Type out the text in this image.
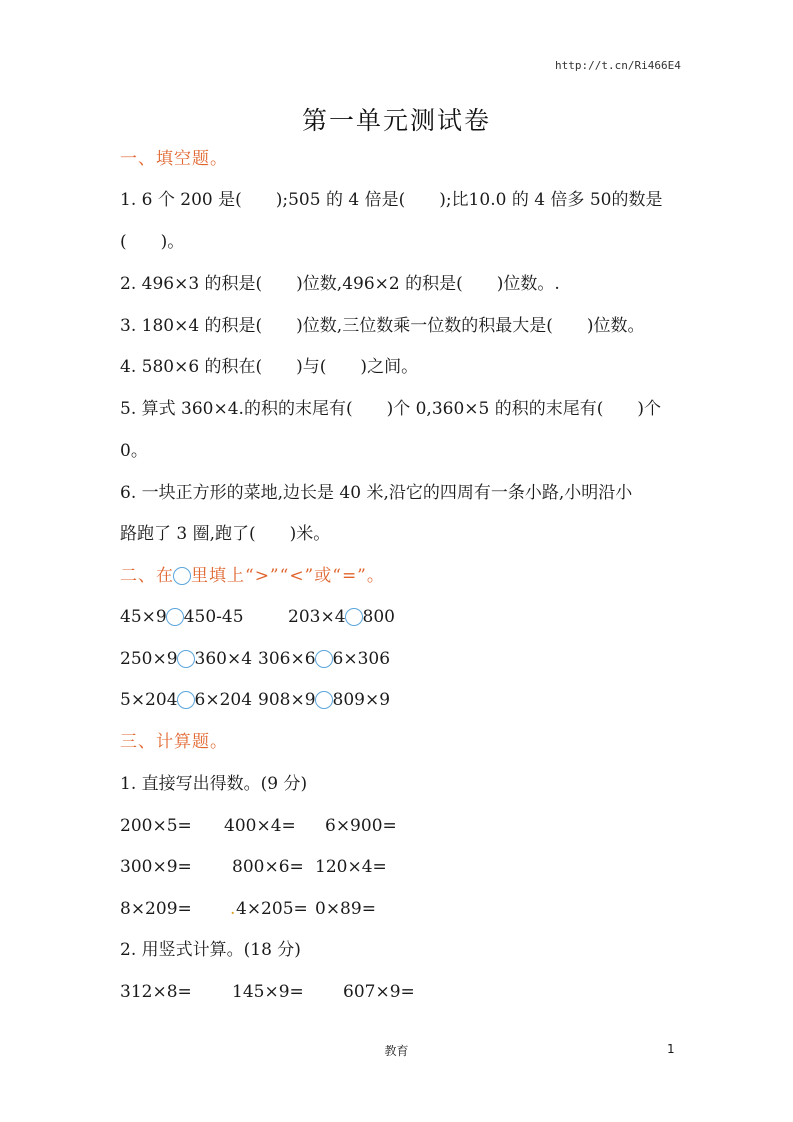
http://t.cn/Ri466E4
第一单元测试卷
一、填空题。
1. 6 个 200 是(　　);505 的 4 倍是(　　);比10.0 的 4 倍多 50的数是
(　　)。
2. 496×3 的积是(　　)位数,496×2 的积是(　　)位数。.
3. 180×4 的积是(　　)位数,三位数乘一位数的积最大是(　　)位数。
4. 580×6 的积在(　　)与(　　)之间。
5. 算式 360×4.的积的末尾有(　　)个 0,360×5 的积的末尾有(　　)个
0。
6. 一块正方形的菜地,边长是 40 米,沿它的四周有一条小路,小明沿小
路跑了 3 圈,跑了(　　)米。
二、在 里填上“>”“<”或“=”。
45×9 450-45	203×4 800
250×9 360×4 306×6 6×306
5×204 6×204 908×9 809×9
三、计算题。
1. 直接写出得数。(9 分)
200×5= 400×4= 6×900=
300×9= 800×6= 120×4=
8×209= . 4×205= 0×89=
2. 用竖式计算。(18 分)
312×8= 145×9= 607×9=
教育	1
